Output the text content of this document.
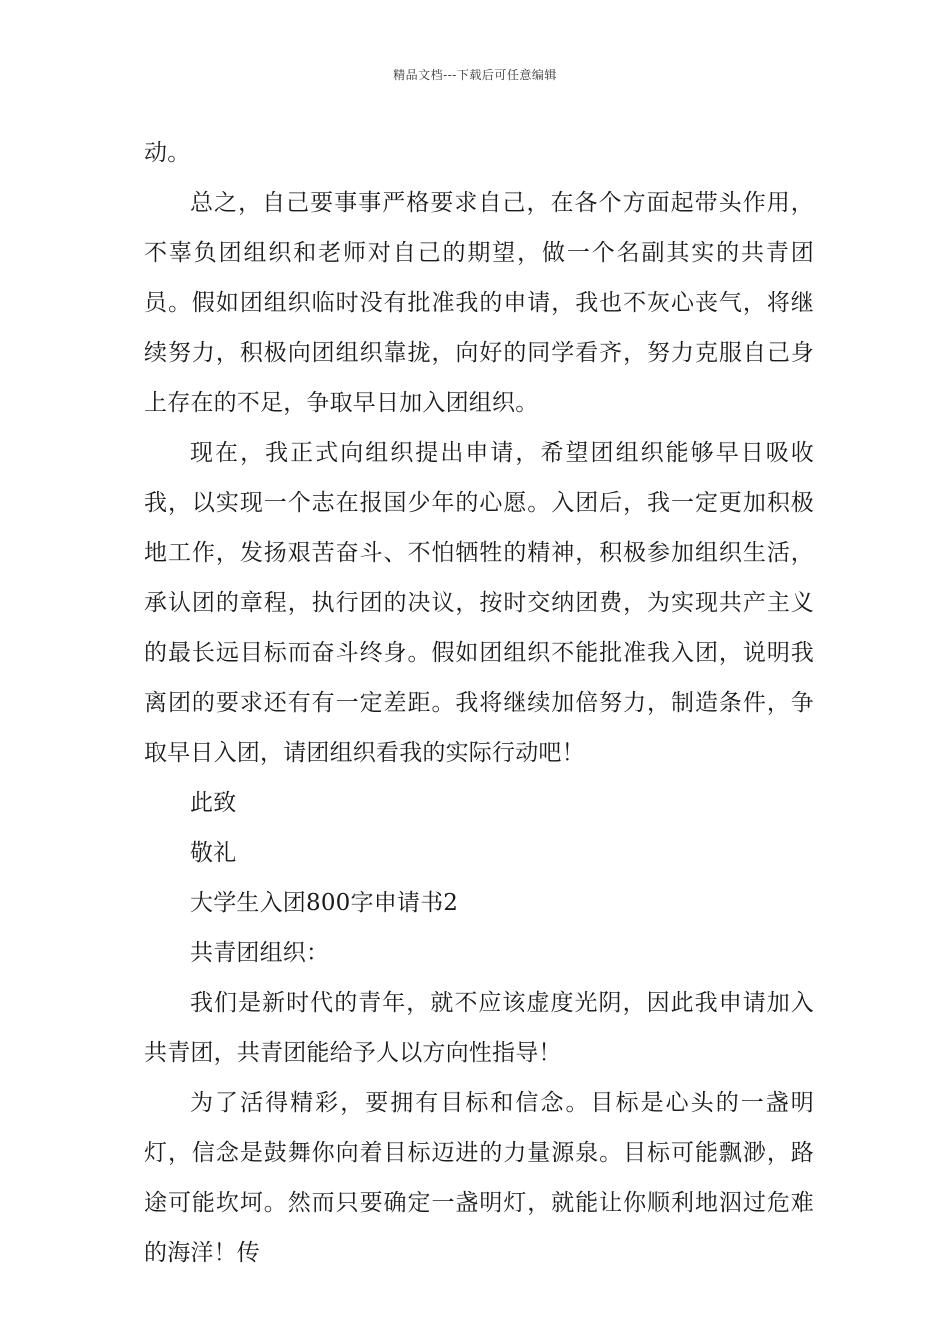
精品文档---下载后可任意编辑

动。

总之，自己要事事严格要求自己，在各个方面起带头作用，不辜负团组织和老师对自己的期望，做一个名副其实的共青团员。假如团组织临时没有批准我的申请，我也不灰心丧气，将继续努力，积极向团组织靠拢，向好的同学看齐，努力克服自己身上存在的不足，争取早日加入团组织。

现在，我正式向组织提出申请，希望团组织能够早日吸收我，以实现一个志在报国少年的心愿。入团后，我一定更加积极地工作，发扬艰苦奋斗、不怕牺牲的精神，积极参加组织生活，承认团的章程，执行团的决议，按时交纳团费，为实现共产主义的最长远目标而奋斗终身。假如团组织不能批准我入团，说明我离团的要求还有有一定差距。我将继续加倍努力，制造条件，争取早日入团，请团组织看我的实际行动吧！

此致

敬礼

大学生入团800字申请书2

共青团组织：

我们是新时代的青年，就不应该虚度光阴，因此我申请加入共青团，共青团能给予人以方向性指导！

为了活得精彩，要拥有目标和信念。目标是心头的一盏明灯，信念是鼓舞你向着目标迈进的力量源泉。目标可能飘渺，路途可能坎坷。然而只要确定一盏明灯，就能让你顺利地泅过危难的海洋！传
